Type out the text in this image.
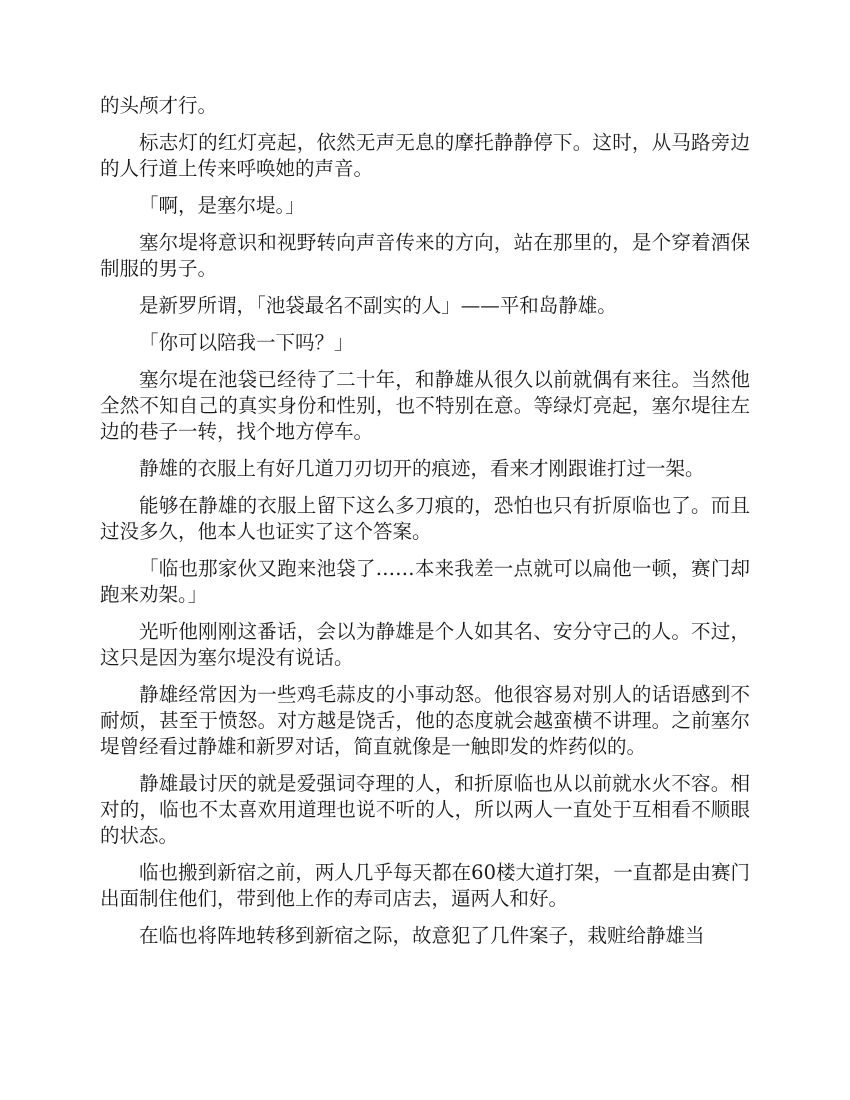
的头颅才行。

标志灯的红灯亮起，依然无声无息的摩托静静停下。这时，从马路旁边的人行道上传来呼唤她的声音。

「啊，是塞尔堤。」

塞尔堤将意识和视野转向声音传来的方向，站在那里的，是个穿着酒保制服的男子。

是新罗所谓，「池袋最名不副实的人」——平和岛静雄。

「你可以陪我一下吗？」

塞尔堤在池袋已经待了二十年，和静雄从很久以前就偶有来往。当然他全然不知自己的真实身份和性别，也不特别在意。等绿灯亮起，塞尔堤往左边的巷子一转，找个地方停车。

静雄的衣服上有好几道刀刃切开的痕迹，看来才刚跟谁打过一架。

能够在静雄的衣服上留下这么多刀痕的，恐怕也只有折原临也了。而且过没多久，他本人也证实了这个答案。

「临也那家伙又跑来池袋了……本来我差一点就可以扁他一顿，赛门却跑来劝架。」

光听他刚刚这番话，会以为静雄是个人如其名、安分守己的人。不过，这只是因为塞尔堤没有说话。

静雄经常因为一些鸡毛蒜皮的小事动怒。他很容易对别人的话语感到不耐烦，甚至于愤怒。对方越是饶舌，他的态度就会越蛮横不讲理。之前塞尔堤曾经看过静雄和新罗对话，简直就像是一触即发的炸药似的。

静雄最讨厌的就是爱强词夺理的人，和折原临也从以前就水火不容。相对的，临也不太喜欢用道理也说不听的人，所以两人一直处于互相看不顺眼的状态。

临也搬到新宿之前，两人几乎每天都在60楼大道打架，一直都是由赛门出面制住他们，带到他上作的寿司店去，逼两人和好。

在临也将阵地转移到新宿之际，故意犯了几件案子，栽赃给静雄当
